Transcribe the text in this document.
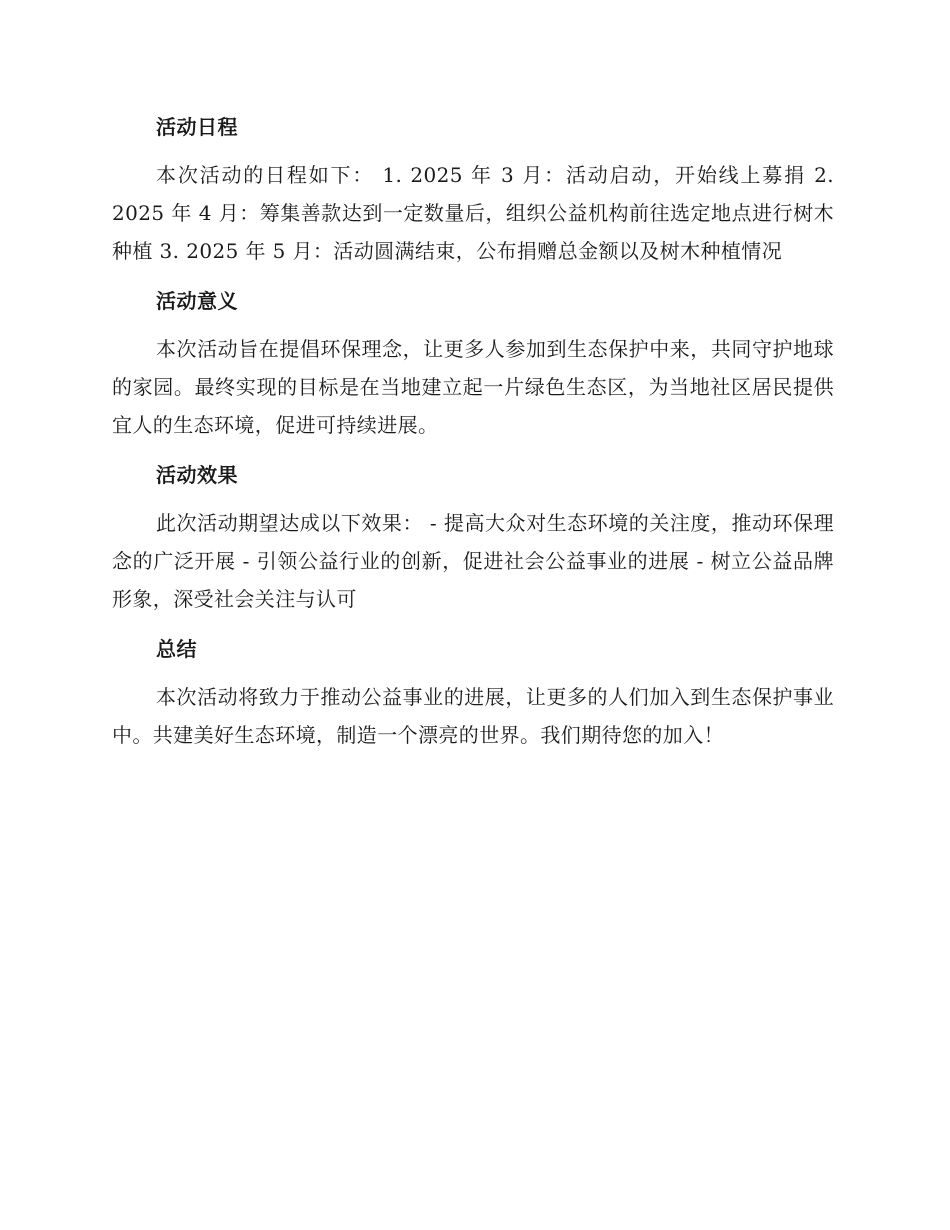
活动日程

本次活动的日程如下： 1. 2025 年 3 月：活动启动，开始线上募捐 2. 2025 年 4 月：筹集善款达到一定数量后，组织公益机构前往选定地点进行树木种植 3. 2025 年 5 月：活动圆满结束，公布捐赠总金额以及树木种植情况

活动意义

本次活动旨在提倡环保理念，让更多人参加到生态保护中来，共同守护地球的家园。最终实现的目标是在当地建立起一片绿色生态区，为当地社区居民提供宜人的生态环境，促进可持续进展。

活动效果

此次活动期望达成以下效果： - 提高大众对生态环境的关注度，推动环保理念的广泛开展 - 引领公益行业的创新，促进社会公益事业的进展 - 树立公益品牌形象，深受社会关注与认可

总结

本次活动将致力于推动公益事业的进展，让更多的人们加入到生态保护事业中。共建美好生态环境，制造一个漂亮的世界。我们期待您的加入！
